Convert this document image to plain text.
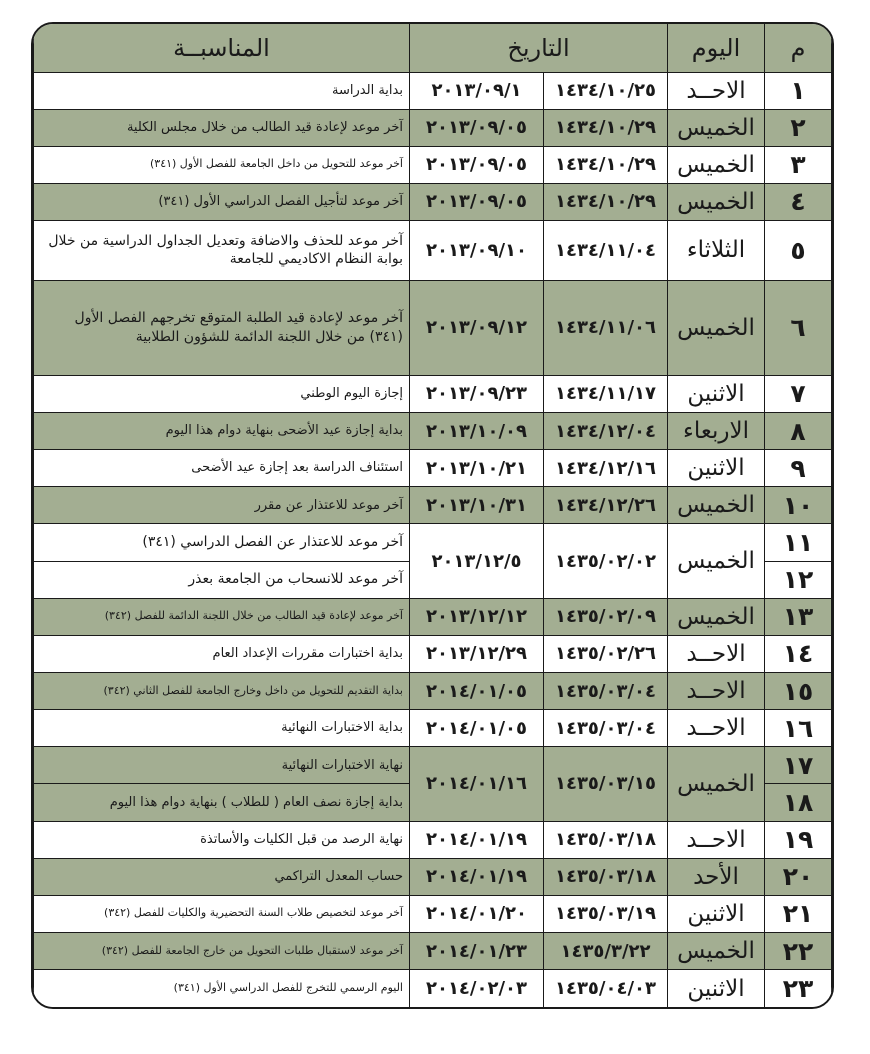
م	اليوم	التاريخ		المناسبــة
١	الاحــد	١٤٣٤/١٠/٢٥	٢٠١٣/٠٩/١	بداية الدراسة
٢	الخميس	١٤٣٤/١٠/٢٩	٢٠١٣/٠٩/٠٥	آخر موعد لإعادة قيد الطالب من خلال مجلس الكلية
٣	الخميس	١٤٣٤/١٠/٢٩	٢٠١٣/٠٩/٠٥	آخر موعد للتحويل من داخل الجامعة للفصل الأول (٣٤١)
٤	الخميس	١٤٣٤/١٠/٢٩	٢٠١٣/٠٩/٠٥	آخر موعد لتأجيل الفصل الدراسي الأول (٣٤١)
٥	الثلاثاء	١٤٣٤/١١/٠٤	٢٠١٣/٠٩/١٠	آخر موعد للحذف والاضافة وتعديل الجداول الدراسية من خلال بوابة النظام الاكاديمي للجامعة
٦	الخميس	١٤٣٤/١١/٠٦	٢٠١٣/٠٩/١٢	آخر موعد لإعادة قيد الطلبة المتوقع تخرجهم الفصل الأول (٣٤١) من خلال اللجنة الدائمة للشؤون الطلابية
٧	الاثنين	١٤٣٤/١١/١٧	٢٠١٣/٠٩/٢٣	إجازة اليوم الوطني
٨	الاربعاء	١٤٣٤/١٢/٠٤	٢٠١٣/١٠/٠٩	بداية إجازة عيد الأضحى بنهاية دوام هذا اليوم
٩	الاثنين	١٤٣٤/١٢/١٦	٢٠١٣/١٠/٢١	استئناف الدراسة بعد إجازة عيد الأضحى
١٠	الخميس	١٤٣٤/١٢/٢٦	٢٠١٣/١٠/٣١	آخر موعد للاعتذار عن مقرر
١١	الخميس	١٤٣٥/٠٢/٠٢	٢٠١٣/١٢/٥	آخر موعد للاعتذار عن الفصل الدراسي (٣٤١)
١٢				آخر موعد للانسحاب من الجامعة بعذر
١٣	الخميس	١٤٣٥/٠٢/٠٩	٢٠١٣/١٢/١٢	آخر موعد لإعادة قيد الطالب من خلال اللجنة الدائمة للفصل (٣٤٢)
١٤	الاحــد	١٤٣٥/٠٢/٢٦	٢٠١٣/١٢/٢٩	بداية اختبارات مقررات الإعداد العام
١٥	الاحــد	١٤٣٥/٠٣/٠٤	٢٠١٤/٠١/٠٥	بداية التقديم للتحويل من داخل وخارج الجامعة للفصل الثاني (٣٤٢)
١٦	الاحــد	١٤٣٥/٠٣/٠٤	٢٠١٤/٠١/٠٥	بداية الاختبارات النهائية
١٧	الخميس	١٤٣٥/٠٣/١٥	٢٠١٤/٠١/١٦	نهاية الاختبارات النهائية
١٨				بداية إجازة نصف العام ( للطلاب ) بنهاية دوام هذا اليوم
١٩	الاحــد	١٤٣٥/٠٣/١٨	٢٠١٤/٠١/١٩	نهاية الرصد من قبل الكليات والأساتذة
٢٠	الأحد	١٤٣٥/٠٣/١٨	٢٠١٤/٠١/١٩	حساب المعدل التراكمي
٢١	الاثنين	١٤٣٥/٠٣/١٩	٢٠١٤/٠١/٢٠	آخر موعد لتخصيص طلاب السنة التحضيرية والكليات للفصل (٣٤٢)
٢٢	الخميس	١٤٣٥/٣/٢٢	٢٠١٤/٠١/٢٣	آخر موعد لاستقبال طلبات التحويل من خارج الجامعة للفصل (٣٤٢)
٢٣	الاثنين	١٤٣٥/٠٤/٠٣	٢٠١٤/٠٢/٠٣	اليوم الرسمي للتخرج للفصل الدراسي الأول (٣٤١)
